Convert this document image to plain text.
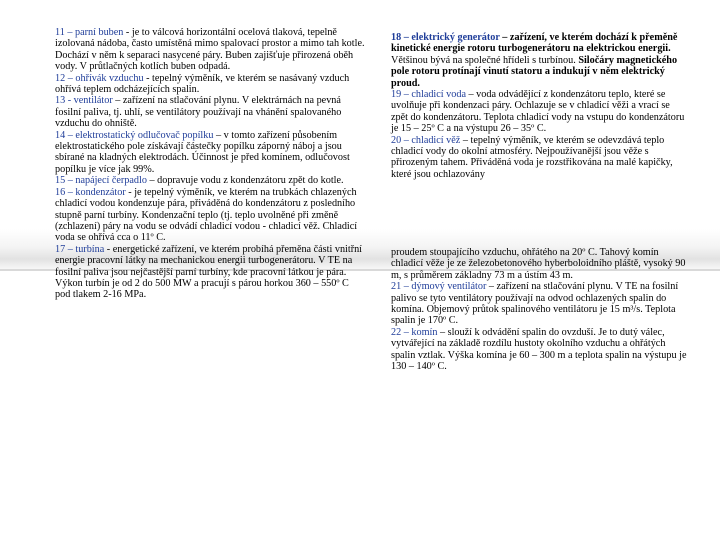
11 – parní buben - je to válcová horizontální ocelová tlaková, tepelně izolovaná nádoba, často umístěná mimo spalovací prostor a mimo tah kotle. Dochází v něm k separaci nasycené páry. Buben zajišťuje přirozená oběh vody. V průtlačných kotlích buben odpadá.

12 – ohřívák vzduchu - tepelný výměník, ve kterém se nasávaný vzduch ohřívá teplem odcházejících spalin.

13 - ventilátor – zařízení na stlačování plynu. V elektrárnách na pevná fosilní paliva, tj. uhlí, se ventilátory používají na vhánění spalovaného vzduchu do ohniště.

14 – elektrostatický odlučovač popílku – v tomto zařízení působením elektrostatického pole získávají částečky popílku záporný náboj a jsou sbírané na kladných elektrodách. Účinnost je před komínem, odlučovost popílku je více jak 99%.

15 – napájecí čerpadlo – dopravuje vodu z kondenzátoru zpět do kotle.

16 – kondenzátor - je tepelný výměník, ve kterém na trubkách chlazených chladicí vodou kondenzuje pára, přiváděná do kondenzátoru z posledního stupně parní turbíny. Kondenzační teplo (tj. teplo uvolněné při změně (zchlazení) páry na vodu se odvádí chladicí vodou - chladicí věž. Chladicí voda se ohřívá cca o 11º C.

17 – turbína - energetické zařízení, ve kterém probíhá přeměna části vnitřní energie pracovní látky na mechanickou energii turbogenerátoru. V TE na fosilní paliva jsou nejčastější parní turbíny, kde pracovní látkou je pára. Výkon turbín je od 2 do 500 MW a pracují s párou horkou 360 – 550º C pod tlakem 2-16 MPa.

18 – elektrický generátor – zařízení, ve kterém dochází k přeměně kinetické energie rotoru turbogenerátoru na elektrickou energii. Většinou bývá na společné hřídeli s turbínou. Siločáry magnetického pole rotoru protínají vinutí statoru a indukují v něm elektrický proud.

19 – chladicí voda – voda odvádějící z kondenzátoru teplo, které se uvolňuje při kondenzaci páry. Ochlazuje se v chladicí věži a vrací se zpět do kondenzátoru. Teplota chladicí vody na vstupu do kondenzátoru je 15 – 25º C a na výstupu 26 – 35º C.

20 – chladicí věž – tepelný výměník, ve kterém se odevzdává teplo chladicí vody do okolní atmosféry. Nejpoužívanější jsou věže s přirozeným tahem. Přiváděná voda je rozstřikována na malé kapičky, které jsou ochlazovány

proudem stoupajícího vzduchu, ohřátého na 20º C. Tahový komín chladicí věže je ze železobetonového hyberboloidního pláště, vysoký 90 m, s průměrem základny 73 m a ústím 43 m.

21 – dýmový ventilátor – zařízení na stlačování plynu. V TE na fosilní palivo se tyto ventilátory používají na odvod ochlazených spalin do komína. Objemový průtok spalinového ventilátoru je 15 m³/s. Teplota spalin je 170º C.

22 – komín – slouží k odvádění spalin do ovzduší. Je to dutý válec, vytvářející na základě rozdílu hustoty okolního vzduchu a ohřátých spalin vztlak. Výška komína je 60 – 300 m a teplota spalin na výstupu je 130 – 140º C.
